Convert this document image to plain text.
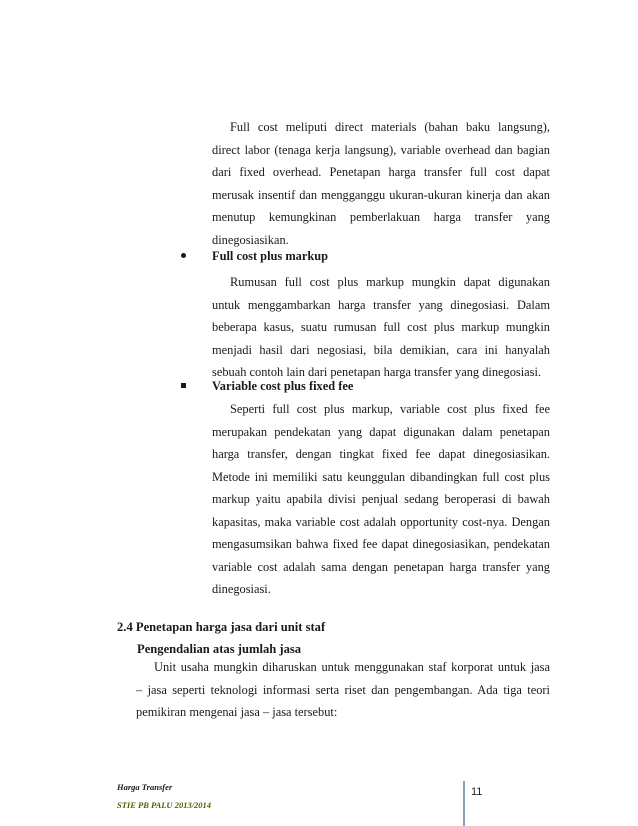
Full cost meliputi direct materials (bahan baku langsung),
direct labor (tenaga kerja langsung), variable overhead dan bagian
dari fixed overhead. Penetapan harga transfer full cost dapat
merusak insentif dan mengganggu ukuran-ukuran kinerja dan akan
menutup kemungkinan pemberlakuan harga transfer yang
dinegosiasikan.
Full cost plus markup
Rumusan full cost plus markup mungkin dapat digunakan
untuk menggambarkan harga transfer yang dinegosiasi. Dalam
beberapa kasus, suatu rumusan full cost plus markup mungkin
menjadi hasil dari negosiasi, bila demikian, cara ini hanyalah
sebuah contoh lain dari penetapan harga transfer yang dinegosiasi.
Variable cost plus fixed fee
Seperti full cost plus markup, variable cost plus fixed fee
merupakan pendekatan yang dapat digunakan dalam penetapan
harga transfer, dengan tingkat fixed fee dapat dinegosiasikan.
Metode ini memiliki satu keunggulan dibandingkan full cost plus
markup yaitu apabila divisi penjual sedang beroperasi di bawah
kapasitas, maka variable cost adalah opportunity cost-nya. Dengan
mengasumsikan bahwa fixed fee dapat dinegosiasikan, pendekatan
variable cost adalah sama dengan penetapan harga transfer yang
dinegosiasi.
2.4 Penetapan harga jasa dari unit staf
Pengendalian atas jumlah jasa
Unit usaha mungkin diharuskan untuk menggunakan staf korporat untuk jasa
– jasa seperti teknologi informasi serta riset dan pengembangan. Ada tiga teori
pemikiran mengenai jasa – jasa tersebut:
Harga Transfer
STIE PB PALU 2013/2014
11
